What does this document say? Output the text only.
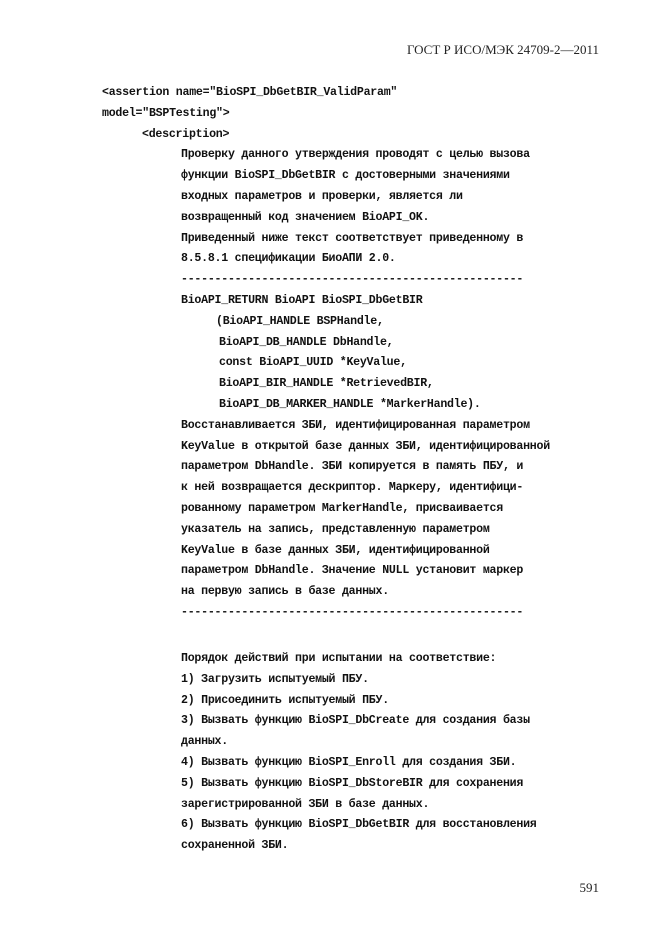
ГОСТ Р ИСО/МЭК 24709-2—2011
<assertion name="BioSPI_DbGetBIR_ValidParam"
model="BSPTesting">
<description>
Проверку данного утверждения проводят с целью вызова
функции BioSPI_DbGetBIR с достоверными значениями
входных параметров и проверки, является ли
возвращенный код значением BioAPI_OK.
Приведенный ниже текст соответствует приведенному в
8.5.8.1 спецификации БиоАПИ 2.0.
---------------------------------------------------
BioAPI_RETURN BioAPI BioSPI_DbGetBIR
(BioAPI_HANDLE BSPHandle,
BioAPI_DB_HANDLE DbHandle,
const BioAPI_UUID *KeyValue,
BioAPI_BIR_HANDLE *RetrievedBIR,
BioAPI_DB_MARKER_HANDLE *MarkerHandle).
Восстанавливается ЗБИ, идентифицированная параметром
KeyValue в открытой базе данных ЗБИ, идентифицированной
параметром DbHandle. ЗБИ копируется в память ПБУ, и
к ней возвращается дескриптор. Маркеру, идентифици-
рованному параметром MarkerHandle, присваивается
указатель на запись, представленную параметром
KeyValue в базе данных ЗБИ, идентифицированной
параметром DbHandle. Значение NULL установит маркер
на первую запись в базе данных.
---------------------------------------------------
Порядок действий при испытании на соответствие:
1) Загрузить испытуемый ПБУ.
2) Присоединить испытуемый ПБУ.
3) Вызвать функцию BioSPI_DbCreate для создания базы
данных.
4) Вызвать функцию BioSPI_Enroll для создания ЗБИ.
5) Вызвать функцию BioSPI_DbStoreBIR для сохранения
зарегистрированной ЗБИ в базе данных.
6) Вызвать функцию BioSPI_DbGetBIR для восстановления
сохраненной ЗБИ.
591
